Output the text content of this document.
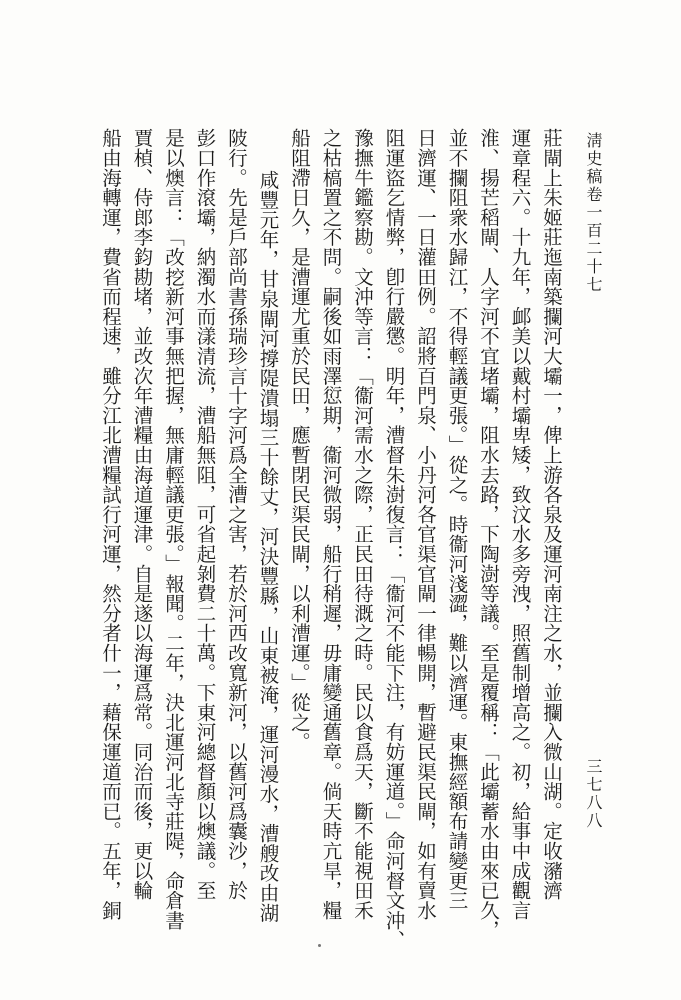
淸史稿卷一百二十七
三七八八
莊閘上朱姬莊迤南築攔河大壩一，俾上游各泉及運河南注之水，並攔入微山湖。定收瀦濟
運章程六。十九年，䘏美以戴村壩卑矮，致汶水多旁洩，照舊制增高之。初，給事中成觀言
淮、揚芒稻閘、人字河不宜堵壩，阻水去路，下陶澍等議。至是覆稱：「此壩蓄水由來已久，
並不攔阻衆水歸江，不得輕議更張。」從之。時衞河淺澀，難以濟運。東撫經額布請變更三
日濟運、一日灌田例。詔將百門泉、小丹河各官渠官閘一律暢開，暫避民渠民閘，如有賣水
阻運盜乞情弊，卽行嚴懲。明年，漕督朱澍復言：「衞河不能下注，有妨運道。」命河督文沖、
豫撫牛鑑察勘。文沖等言：「衞河需水之際，正民田待溉之時。民以食爲天，斷不能視田禾
之枯槁置之不問。嗣後如雨澤愆期，衞河微弱，船行稍遲，毋庸變通舊章。倘天時亢旱，糧
船阻滯日久，是漕運尤重於民田，應暫閉民渠民閘，以利漕運。」從之。
咸豐元年，甘泉閘河撐隄潰塌三十餘丈，河決豐縣，山東被淹，運河漫水，漕艘改由湖
陂行。先是戶部尚書孫瑞珍言十字河爲全漕之害，若於河西改寬新河，以舊河爲囊沙，於
彭口作滾壩，納濁水而漾清流，漕船無阻，可省起剝費二十萬。下東河總督顏以燠議。至
是以燠言：「改挖新河事無把握，無庸輕議更張。」報聞。二年，決北運河北寺莊隄，命倉書
賈楨、侍郎李鈞勘堵，並改次年漕糧由海道運津。自是遂以海運爲常。同治而後，更以輪
船由海轉運，費省而程速，雖分江北漕糧試行河運，然分者什一，藉保運道而已。五年，銅
